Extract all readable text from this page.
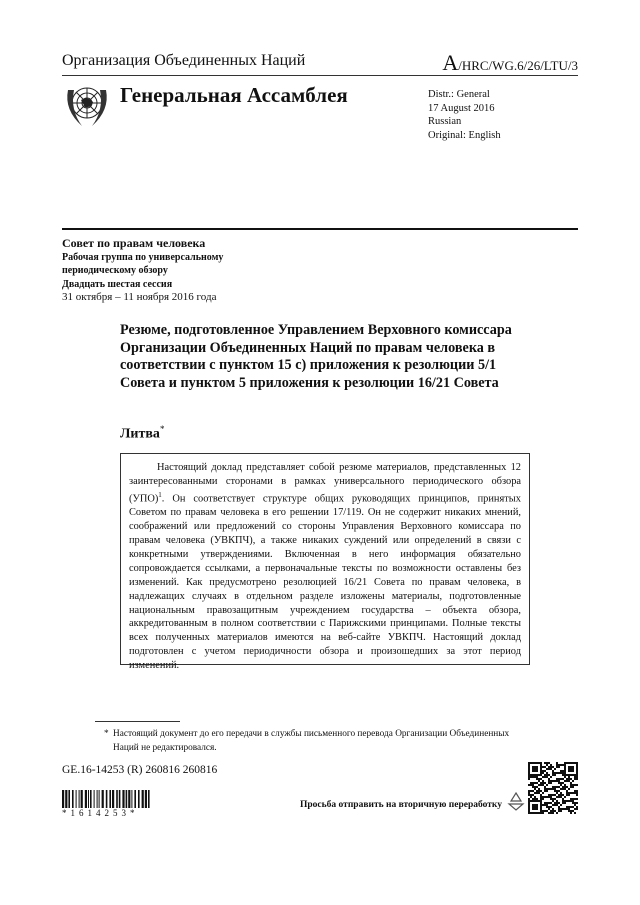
Организация Объединенных Наций	A/HRC/WG.6/26/LTU/3
Генеральная Ассамблея	Distr.: General
17 August 2016
Russian
Original: English
Совет по правам человека
Рабочая группа по универсальному
периодическому обзору
Двадцать шестая сессия
31 октября – 11 ноября 2016 года
Резюме, подготовленное Управлением Верховного комиссара Организации Объединенных Наций по правам человека в соответствии с пунктом 15 c) приложения к резолюции 5/1 Совета и пунктом 5 приложения к резолюции 16/21 Совета
Литва*
Настоящий доклад представляет собой резюме материалов, представленных 12 заинтересованными сторонами в рамках универсального периодического обзора (УПО)$^1$. Он соответствует структуре общих руководящих принципов, принятых Советом по правам человека в его решении 17/119. Он не содержит никаких мнений, соображений или предложений со стороны Управления Верховного комиссара по правам человека (УВКПЧ), а также никаких суждений или определений в связи с конкретными утверждениями. Включенная в него информация обязательно сопровождается ссылками, а первоначальные тексты по возможности оставлены без изменений. Как предусмотрено резолюцией 16/21 Совета по правам человека, в надлежащих случаях в отдельном разделе изложены материалы, подготовленные национальным правозащитным учреждением государства – объекта обзора, аккредитованным в полном соответствии с Парижскими принципами. Полные тексты всех полученных материалов имеются на веб-сайте УВКПЧ. Настоящий доклад подготовлен с учетом периодичности обзора и произошедших за этот период изменений.
* Настоящий документ до его передачи в службы письменного перевода Организации Объединенных Наций не редактировался.
GE.16-14253 (R) 260816 260816
*1614253*
Просьба отправить на вторичную переработку
